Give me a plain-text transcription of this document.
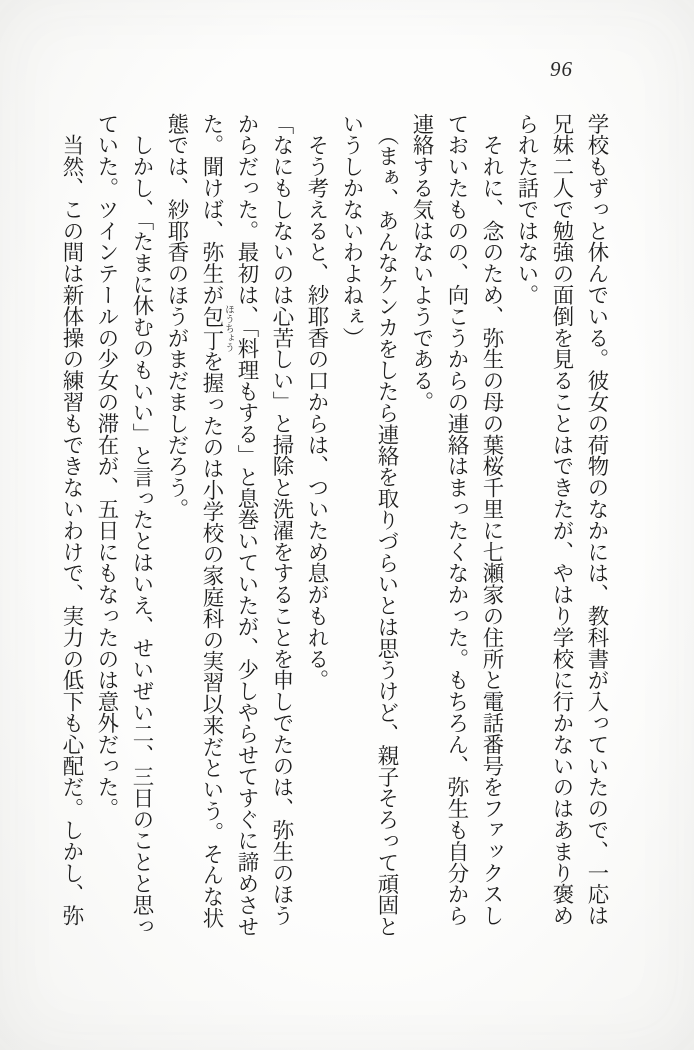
96

学校もずっと休んでいる。彼女の荷物のなかには、教科書が入っていたので、一応は兄妹二人で勉強の面倒を見ることはできたが、やはり学校に行かないのはあまり褒められた話ではない。

　それに、念のため、弥生の母の葉桜千里に七瀬家の住所と電話番号をファックスしておいたものの、向こうからの連絡はまったくなかった。もちろん、弥生も自分から連絡する気はないようである。

（まぁ、あんなケンカをしたら連絡を取りづらいとは思うけど、親子そろって頑固というしかないわよねぇ）

　そう考えると、紗耶香の口からは、ついため息がもれる。

「なにもしないのは心苦しい」と掃除と洗濯をすることを申しでたのは、弥生のほうからだった。最初は、「料理もする」と息巻いていたが、少しやらせてすぐに諦めさせた。聞けば、弥生が包丁 ほうちょうを握ったのは小学校の家庭科の実習以来だという。そんな状態では、紗耶香のほうがまだましだろう。

　しかし、「たまに休むのもいい」と言ったとはいえ、せいぜい二、三日のことと思っていた。ツインテールの少女の滞在が、五日にもなったのは意外だった。

　当然、この間は新体操の練習もできないわけで、実力の低下も心配だ。しかし、弥
